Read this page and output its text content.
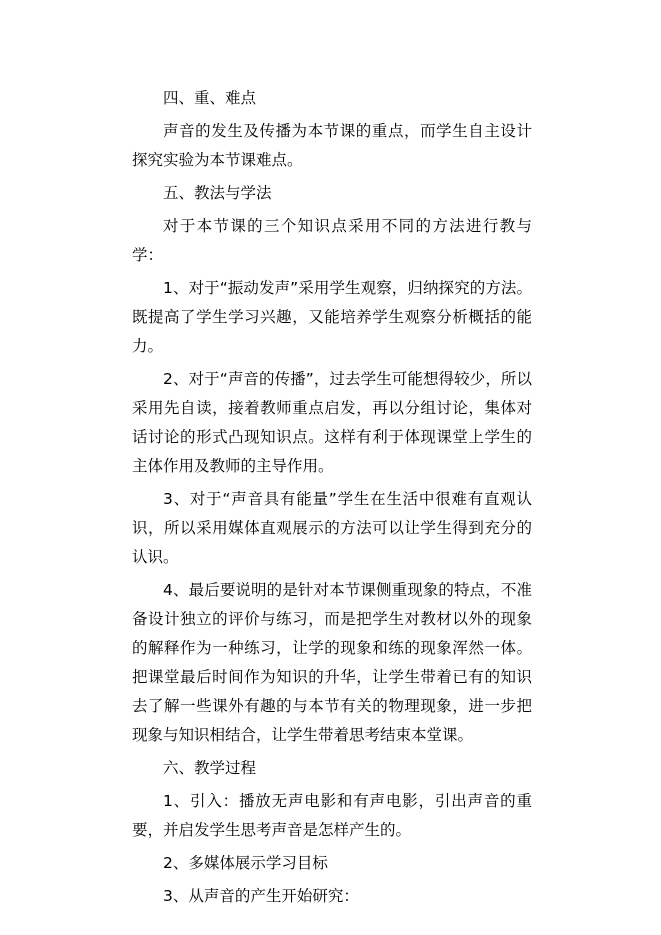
四、重、难点

声音的发生及传播为本节课的重点，而学生自主设计探究实验为本节课难点。

五、教法与学法

对于本节课的三个知识点采用不同的方法进行教与学：

1、对于“振动发声”采用学生观察，归纳探究的方法。既提高了学生学习兴趣，又能培养学生观察分析概括的能力。

2、对于“声音的传播”，过去学生可能想得较少，所以采用先自读，接着教师重点启发，再以分组讨论，集体对话讨论的形式凸现知识点。这样有利于体现课堂上学生的主体作用及教师的主导作用。

3、对于“声音具有能量”学生在生活中很难有直观认识，所以采用媒体直观展示的方法可以让学生得到充分的认识。

4、最后要说明的是针对本节课侧重现象的特点，不准备设计独立的评价与练习，而是把学生对教材以外的现象的解释作为一种练习，让学的现象和练的现象浑然一体。把课堂最后时间作为知识的升华，让学生带着已有的知识去了解一些课外有趣的与本节有关的物理现象，进一步把现象与知识相结合，让学生带着思考结束本堂课。

六、教学过程

1、引入：播放无声电影和有声电影，引出声音的重要，并启发学生思考声音是怎样产生的。

2、多媒体展示学习目标

3、从声音的产生开始研究：
